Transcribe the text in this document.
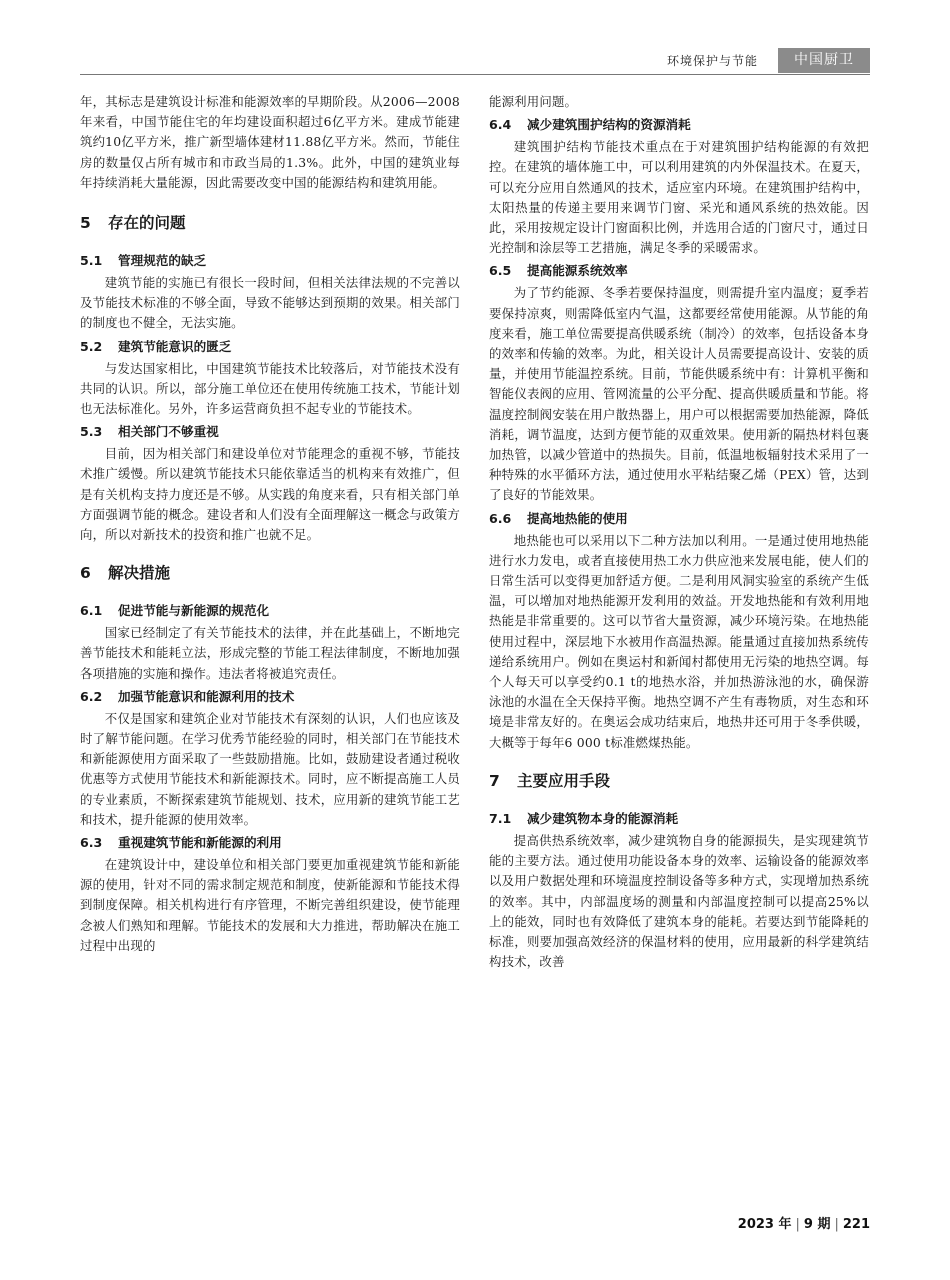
环境保护与节能	中国厨卫

年，其标志是建筑设计标准和能源效率的早期阶段。从2006—2008年来看，中国节能住宅的年均建设面积超过6亿平方米。建成节能建筑约10亿平方米，推广新型墙体建材11.88亿平方米。然而，节能住房的数量仅占所有城市和市政当局的1.3%。此外，中国的建筑业每年持续消耗大量能源，因此需要改变中国的能源结构和建筑用能。

5 存在的问题
5.1 管理规范的缺乏

建筑节能的实施已有很长一段时间，但相关法律法规的不完善以及节能技术标准的不够全面，导致不能够达到预期的效果。相关部门的制度也不健全，无法实施。

5.2 建筑节能意识的匮乏

与发达国家相比，中国建筑节能技术比较落后，对节能技术没有共同的认识。所以，部分施工单位还在使用传统施工技术，节能计划也无法标准化。另外，许多运营商负担不起专业的节能技术。

5.3 相关部门不够重视

目前，因为相关部门和建设单位对节能理念的重视不够，节能技术推广缓慢。所以建筑节能技术只能依靠适当的机构来有效推广，但是有关机构支持力度还是不够。从实践的角度来看，只有相关部门单方面强调节能的概念。建设者和人们没有全面理解这一概念与政策方向，所以对新技术的投资和推广也就不足。

6 解决措施
6.1 促进节能与新能源的规范化

国家已经制定了有关节能技术的法律，并在此基础上，不断地完善节能技术和能耗立法，形成完整的节能工程法律制度，不断地加强各项措施的实施和操作。违法者将被追究责任。

6.2 加强节能意识和能源利用的技术

不仅是国家和建筑企业对节能技术有深刻的认识，人们也应该及时了解节能问题。在学习优秀节能经验的同时，相关部门在节能技术和新能源使用方面采取了一些鼓励措施。比如，鼓励建设者通过税收优惠等方式使用节能技术和新能源技术。同时，应不断提高施工人员的专业素质，不断探索建筑节能规划、技术，应用新的建筑节能工艺和技术，提升能源的使用效率。

6.3 重视建筑节能和新能源的利用

在建筑设计中，建设单位和相关部门要更加重视建筑节能和新能源的使用，针对不同的需求制定规范和制度，使新能源和节能技术得到制度保障。相关机构进行有序管理，不断完善组织建设，使节能理念被人们熟知和理解。节能技术的发展和大力推进，帮助解决在施工过程中出现的

能源利用问题。

6.4 减少建筑围护结构的资源消耗

建筑围护结构节能技术重点在于对建筑围护结构能源的有效把控。在建筑的墙体施工中，可以利用建筑的内外保温技术。在夏天，可以充分应用自然通风的技术，适应室内环境。在建筑围护结构中，太阳热量的传递主要用来调节门窗、采光和通风系统的热效能。因此，采用按规定设计门窗面积比例，并选用合适的门窗尺寸，通过日光控制和涂层等工艺措施，满足冬季的采暖需求。

6.5 提高能源系统效率

为了节约能源、冬季若要保持温度，则需提升室内温度；夏季若要保持凉爽，则需降低室内气温，这都要经常使用能源。从节能的角度来看，施工单位需要提高供暖系统（制冷）的效率，包括设备本身的效率和传输的效率。为此，相关设计人员需要提高设计、安装的质量，并使用节能温控系统。目前，节能供暖系统中有：计算机平衡和智能仪表阀的应用、管网流量的公平分配、提高供暖质量和节能。将温度控制阀安装在用户散热器上，用户可以根据需要加热能源，降低消耗，调节温度，达到方便节能的双重效果。使用新的隔热材料包裹加热管，以减少管道中的热损失。目前，低温地板辐射技术采用了一种特殊的水平循环方法，通过使用水平粘结聚乙烯（PEX）管，达到了良好的节能效果。

6.6 提高地热能的使用

地热能也可以采用以下二种方法加以利用。一是通过使用地热能进行水力发电，或者直接使用热工水力供应池来发展电能，使人们的日常生活可以变得更加舒适方便。二是利用风洞实验室的系统产生低温，可以增加对地热能源开发利用的效益。开发地热能和有效利用地热能是非常重要的。这可以节省大量资源，减少环境污染。在地热能使用过程中，深层地下水被用作高温热源。能量通过直接加热系统传递给系统用户。例如在奥运村和新闻村都使用无污染的地热空调。每个人每天可以享受约0.1 t的地热水浴，并加热游泳池的水，确保游泳池的水温在全天保持平衡。地热空调不产生有毒物质，对生态和环境是非常友好的。在奥运会成功结束后，地热井还可用于冬季供暖，大概等于每年6 000 t标准燃煤热能。

7 主要应用手段
7.1 减少建筑物本身的能源消耗

提高供热系统效率，减少建筑物自身的能源损失，是实现建筑节能的主要方法。通过使用功能设备本身的效率、运输设备的能源效率以及用户数据处理和环境温度控制设备等多种方式，实现增加热系统的效率。其中，内部温度场的测量和内部温度控制可以提高25%以上的能效，同时也有效降低了建筑本身的能耗。若要达到节能降耗的标准，则要加强高效经济的保温材料的使用，应用最新的科学建筑结构技术，改善

2023 年 | 9 期 | 221
